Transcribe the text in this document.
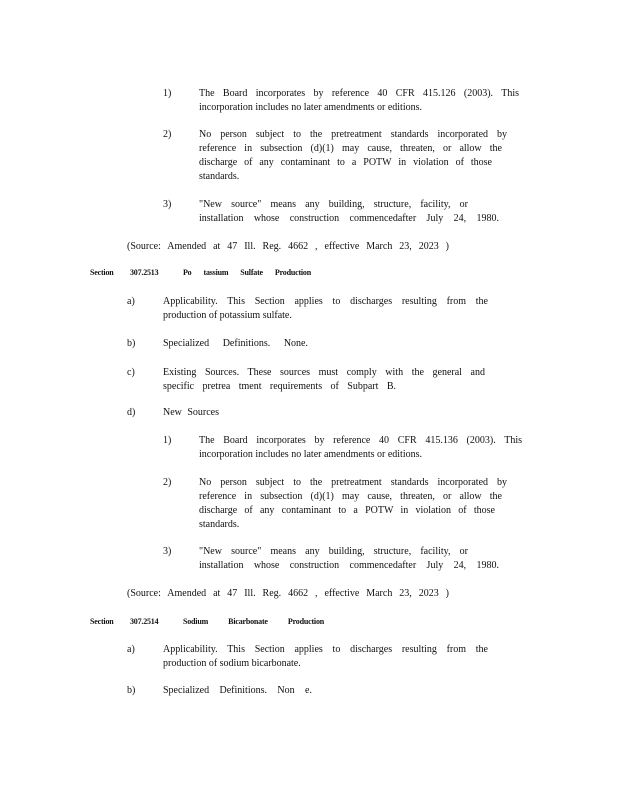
1)	The Board incorporates by reference 40 CFR 415.126 (2003). This
incorporation includes no later amendments or editions.
2)	No person subject to the pretreatment standards incorporated by
reference in subsection (d)(1) may cause, threaten, or allow the
discharge of any contaminant to a POTW in violation of those
standards.
3)	"New source" means any building, structure, facility, or
installation whose construction commencedafter July 24, 1980.
(Source: Amended at 47 Ill. Reg. 4662 , effective March 23, 2023 )
Section 307.2513	Po tassium Sulfate Production
a)	Applicability. This Section applies to discharges resulting from the
production of potassium sulfate.
b)	Specialized Definitions. None.
c)	Existing Sources. These sources must comply with the general and
specific pretrea tment requirements of Subpart B.
d)	New Sources
1)	The Board incorporates by reference 40 CFR 415.136 (2003). This
incorporation includes no later amendments or editions.
2)	No person subject to the pretreatment standards incorporated by
reference in subsection (d)(1) may cause, threaten, or allow the
discharge of any contaminant to a POTW in violation of those
standards.
3)	"New source" means any building, structure, facility, or
installation whose construction commencedafter July 24, 1980.
(Source: Amended at 47 Ill. Reg. 4662 , effective March 23, 2023 )
Section 307.2514	Sodium Bicarbonate Production
a)	Applicability. This Section applies to discharges resulting from the
production of sodium bicarbonate.
b)	Specialized Definitions. Non e.
